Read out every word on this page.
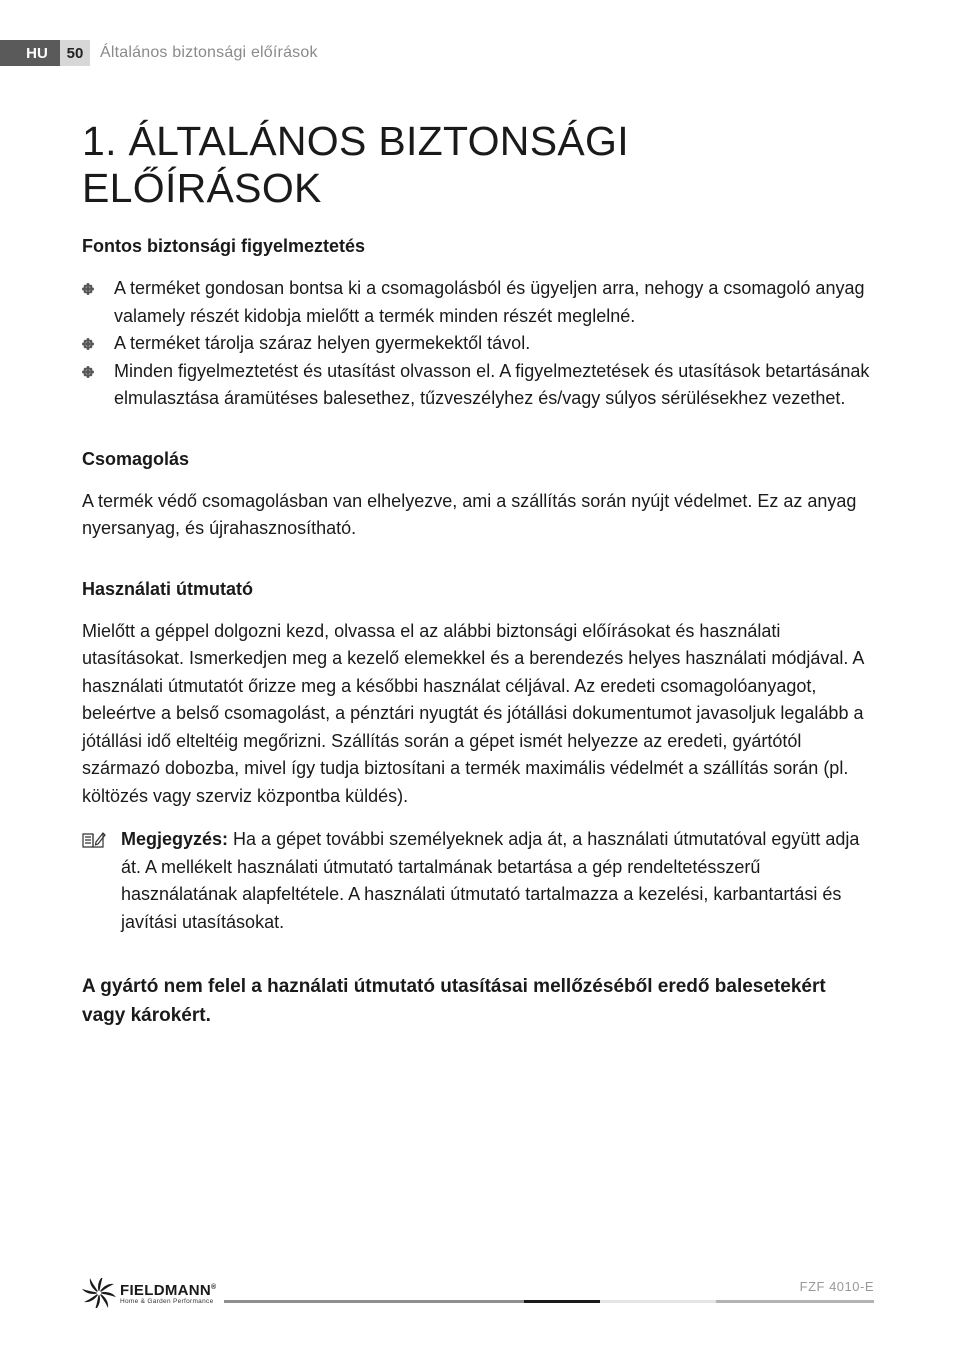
HU	50	Általános biztonsági előírások
1. ÁLTALÁNOS BIZTONSÁGI ELŐÍRÁSOK
Fontos biztonsági figyelmeztetés
A terméket gondosan bontsa ki a csomagolásból és ügyeljen arra, nehogy a csomagoló anyag valamely részét kidobja mielőtt a termék minden részét meglelné.
A terméket tárolja száraz helyen gyermekektől távol.
Minden figyelmeztetést és utasítást olvasson el. A figyelmeztetések és utasítások betartásának elmulasztása áramütéses balesethez, tűzveszélyhez és/vagy súlyos sérülésekhez vezethet.
Csomagolás

A termék védő csomagolásban van elhelyezve, ami a szállítás során nyújt védelmet. Ez az anyag nyersanyag, és újrahasznosítható.

Használati útmutató

Mielőtt a géppel dolgozni kezd, olvassa el az alábbi biztonsági előírásokat és használati utasításokat. Ismerkedjen meg a kezelő elemekkel és a berendezés helyes használati módjával. A használati útmutatót őrizze meg a későbbi használat céljával. Az eredeti csomagolóanyagot, beleértve a belső csomagolást, a pénztári nyugtát és jótállási dokumentumot javasoljuk legalább a jótállási idő elteltéig megőrizni. Szállítás során a gépet ismét helyezze az eredeti, gyártótól származó dobozba, mivel így tudja biztosítani a termék maximális védelmét a szállítás során (pl. költözés vagy szerviz központba küldés).

Megjegyzés: Ha a gépet további személyeknek adja át, a használati útmutatóval együtt adja át. A mellékelt használati útmutató tartalmának betartása a gép rendeltetésszerű használatának alapfeltétele. A használati útmutató tartalmazza a kezelési, karbantartási és javítási utasításokat.

A gyártó nem felel a haználati útmutató utasításai mellőzéséből eredő balesetekért vagy károkért.

FIELDMANN®
Home & Garden Performance
FZF 4010-E
